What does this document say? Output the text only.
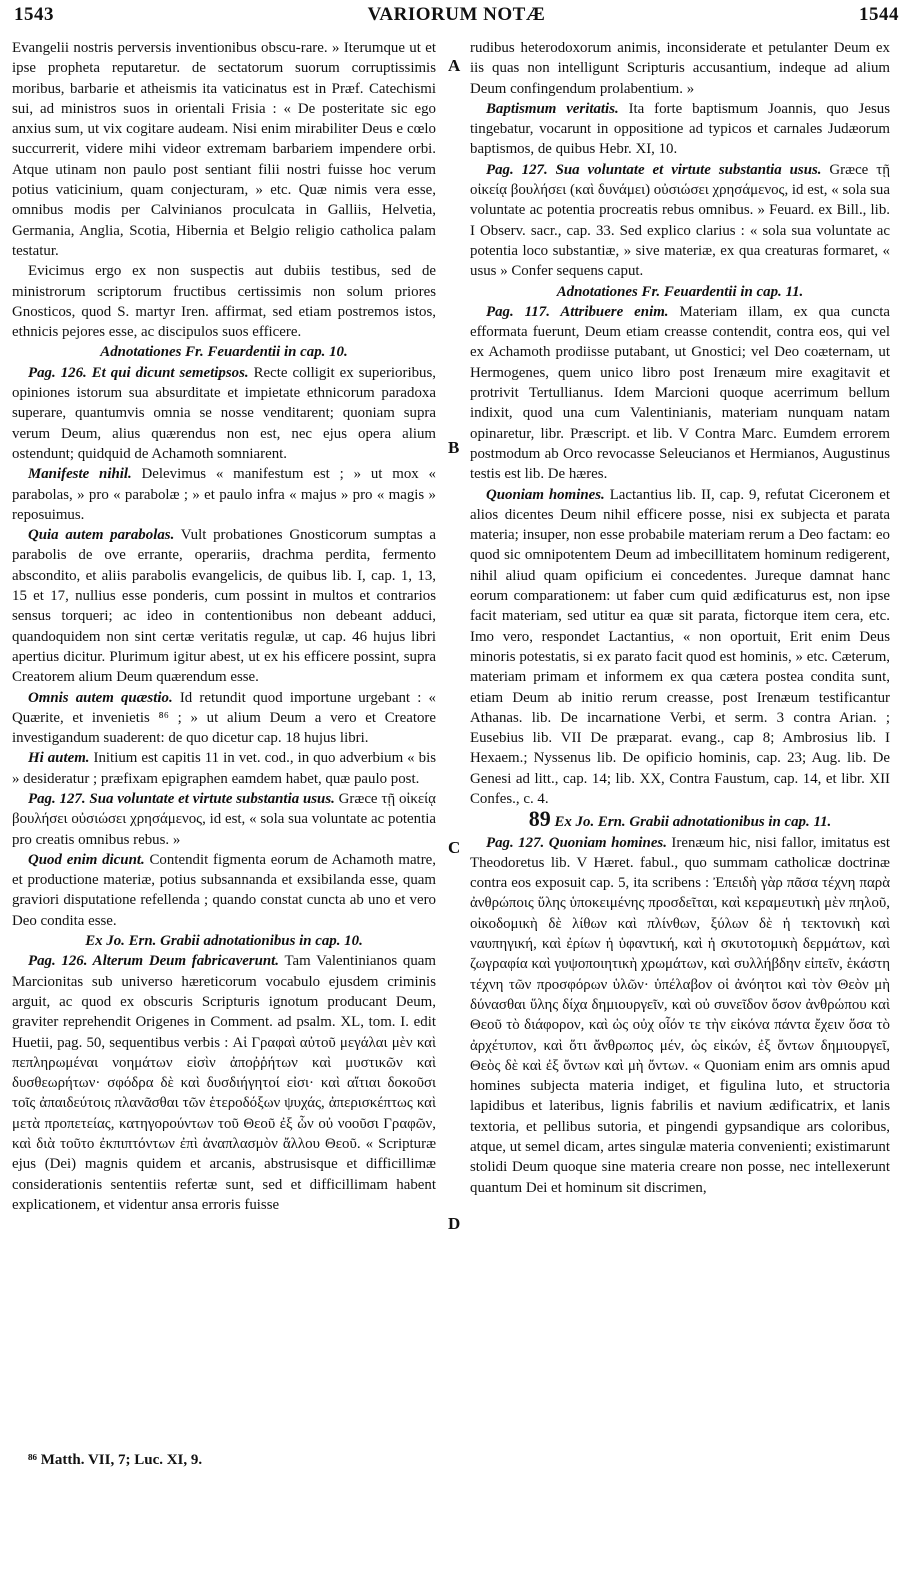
1543	VARIORUM NOTÆ	1544

Evangelii nostris perversis inventionibus obscu-rare. » Iterumque ut et ipse propheta reputaretur. de sectatorum suorum corruptissimis moribus, barbarie et atheismis ita vaticinatus est in Præf. Catechismi sui, ad ministros suos in orientali Frisia : « De posteritate sic ego anxius sum, ut vix cogitare audeam. Nisi enim mirabiliter Deus e cœlo succurrerit, videre mihi videor extremam barbariem impendere orbi. Atque utinam non paulo post sentiant filii nostri fuisse hoc verum potius vaticinium, quam conjecturam, » etc. Quæ nimis vera esse, omnibus modis per Calvinianos proculcata in Galliis, Helvetia, Germania, Anglia, Scotia, Hibernia et Belgio religio catholica palam testatur.

Evicimus ergo ex non suspectis aut dubiis testibus, sed de ministrorum scriptorum fructibus certissimis non solum priores Gnosticos, quod S. martyr Iren. affirmat, sed etiam postremos istos, ethnicis pejores esse, ac discipulos suos efficere.

Adnotationes Fr. Feuardentii in cap. 10.

Pag. 126. Et qui dicunt semetipsos. Recte colligit ex superioribus, opiniones istorum sua absurditate et impietate ethnicorum paradoxa superare, quantumvis omnia se nosse venditarent; quoniam supra verum Deum, alius quærendus non est, nec ejus opera alium ostendunt; quidquid de Achamoth somniarent.

Manifeste nihil. Delevimus « manifestum est ; » ut mox « parabolas, » pro « parabolæ ; » et paulo infra « majus » pro « magis » reposuimus.

Quia autem parabolas. Vult probationes Gnosticorum sumptas a parabolis de ove errante, operariis, drachma perdita, fermento abscondito, et aliis parabolis evangelicis, de quibus lib. I, cap. 1, 13, 15 et 17, nullius esse ponderis, cum possint in multos et contrarios sensus torqueri; ac ideo in contentionibus non debeant adduci, quandoquidem non sint certæ veritatis regulæ, ut cap. 46 hujus libri apertius dicitur. Plurimum igitur abest, ut ex his efficere possint, supra Creatorem alium Deum quærendum esse.

Omnis autem quæstio. Id retundit quod importune urgebant : « Quærite, et invenietis ⁸⁶ ; » ut alium Deum a vero et Creatore investigandum suaderent: de quo dicetur cap. 18 hujus libri.

Hi autem. Initium est capitis 11 in vet. cod., in quo adverbium « bis » desideratur ; præfixam epigraphen eamdem habet, quæ paulo post.

Pag. 127. Sua voluntate et virtute substantia usus. Græce τῇ οἰκείᾳ βουλήσει οὐσιώσει χρησάμενος, id est, « sola sua voluntate ac potentia pro creatis omnibus rebus. »

Quod enim dicunt. Contendit figmenta eorum de Achamoth matre, et productione materiæ, potius subsannanda et exsibilanda esse, quam graviori disputatione refellenda ; quando constat cuncta ab uno et vero Deo condita esse.

Ex Jo. Ern. Grabii adnotationibus in cap. 10.

Pag. 126. Alterum Deum fabricaverunt. Tam Valentinianos quam Marcionitas sub universo hæreticorum vocabulo ejusdem criminis arguit, ac quod ex obscuris Scripturis ignotum producant Deum, graviter reprehendit Origenes in Comment. ad psalm. XL, tom. I. edit Huetii, pag. 50, sequentibus verbis : Αἱ Γραφαὶ αὐτοῦ μεγάλαι μὲν καὶ πεπληρωμέναι νοημάτων εἰσὶν ἀποῤῥήτων καὶ μυστικῶν καὶ δυσθεωρήτων· σφόδρα δὲ καὶ δυσδιήγητοί εἰσι· καὶ αἴτιαι δοκοῦσι τοῖς ἀπαιδεύτοις πλανᾶσθαι τῶν ἑτεροδόξων ψυχάς, ἀπερισκέπτως καὶ μετὰ προπετείας, κατηγορούντων τοῦ Θεοῦ ἐξ ὧν οὐ νοοῦσι Γραφῶν, καὶ διὰ τοῦτο ἐκπιπτόντων ἐπὶ ἀναπλασμὸν ἄλλου Θεοῦ. « Scripturæ ejus (Dei) magnis quidem et arcanis, abstrusisque et difficillimæ considerationis sententiis refertæ sunt, sed et difficillimam habent explicationem, et videntur ansa erroris fuisse

rudibus heterodoxorum animis, inconsiderate et petulanter Deum ex iis quas non intelligunt Scripturis accusantium, indeque ad alium Deum confingendum prolabentium. »

Baptismum veritatis. Ita forte baptismum Joannis, quo Jesus tingebatur, vocarunt in oppositione ad typicos et carnales Judæorum baptismos, de quibus Hebr. XI, 10.

Pag. 127. Sua voluntate et virtute substantia usus. Græce τῇ οἰκείᾳ βουλήσει (καὶ δυνάμει) οὐσιώσει χρησάμενος, id est, « sola sua voluntate ac potentia procreatis rebus omnibus. » Feuard. ex Bill., lib. I Observ. sacr., cap. 33. Sed explico clarius : « sola sua voluntate ac potentia loco substantiæ, » sive materiæ, ex qua creaturas formaret, « usus » Confer sequens caput.

Adnotationes Fr. Feuardentii in cap. 11.

Pag. 117. Attribuere enim. Materiam illam, ex qua cuncta efformata fuerunt, Deum etiam creasse contendit, contra eos, qui vel ex Achamoth prodiisse putabant, ut Gnostici; vel Deo coæternam, ut Hermogenes, quem unico libro post Irenæum mire exagitavit et protrivit Tertullianus. Idem Marcioni quoque acerrimum bellum indixit, quod una cum Valentinianis, materiam nunquam natam opinaretur, libr. Præscript. et lib. V Contra Marc. Eumdem errorem postmodum ab Orco revocasse Seleucianos et Hermianos, Augustinus testis est lib. De hæres.

Quoniam homines. Lactantius lib. II, cap. 9, refutat Ciceronem et alios dicentes Deum nihil efficere posse, nisi ex subjecta et parata materia; insuper, non esse probabile materiam rerum a Deo factam: eo quod sic omnipotentem Deum ad imbecillitatem hominum redigerent, nihil aliud quam opificium ei concedentes. Jureque damnat hanc eorum comparationem: ut faber cum quid ædificaturus est, non ipse facit materiam, sed utitur ea quæ sit parata, fictorque item cera, etc. Imo vero, respondet Lactantius, « non oportuit, Erit enim Deus minoris potestatis, si ex parato facit quod est hominis, » etc. Cæterum, materiam primam et informem ex qua cætera postea condita sunt, etiam Deum ab initio rerum creasse, post Irenæum testificantur Athanas. lib. De incarnatione Verbi, et serm. 3 contra Arian. ; Eusebius lib. VII De præparat. evang., cap 8; Ambrosius lib. I Hexaem.; Nyssenus lib. De opificio hominis, cap. 23; Aug. lib. De Genesi ad litt., cap. 14; lib. XX, Contra Faustum, cap. 14, et libr. XII Confes., c. 4.

89 Ex Jo. Ern. Grabii adnotationibus in cap. 11.

Pag. 127. Quoniam homines. Irenæum hic, nisi fallor, imitatus est Theodoretus lib. V Hæret. fabul., quo summam catholicæ doctrinæ contra eos exposuit cap. 5, ita scribens : Ἐπειδὴ γὰρ πᾶσα τέχνη παρὰ ἀνθρώποις ὕλης ὑποκειμένης προσδεῖται, καὶ κεραμευτικὴ μὲν πηλοῦ, οἰκοδομικὴ δὲ λίθων καὶ πλίνθων, ξύλων δὲ ἡ τεκτονικὴ καὶ ναυπηγική, καὶ ἐρίων ἡ ὑφαντική, καὶ ἡ σκυτοτομικὴ δερμάτων, καὶ ζωγραφία καὶ γυψοποιητικὴ χρωμάτων, καὶ συλλήβδην εἰπεῖν, ἑκάστη τέχνη τῶν προσφόρων ὑλῶν· ὑπέλαβον οἱ ἀνόητοι καὶ τὸν Θεὸν μὴ δύνασθαι ὕλης δίχα δημιουργεῖν, καὶ οὐ συνεῖδον ὅσον ἀνθρώπου καὶ Θεοῦ τὸ διάφορον, καὶ ὡς οὐχ οἷόν τε τὴν εἰκόνα πάντα ἔχειν ὅσα τὸ ἀρχέτυπον, καὶ ὅτι ἄνθρωπος μέν, ὡς εἰκών, ἐξ ὄντων δημιουργεῖ, Θεὸς δὲ καὶ ἐξ ὄντων καὶ μὴ ὄντων. « Quoniam enim ars omnis apud homines subjecta materia indiget, et figulina luto, et structoria lapidibus et lateribus, lignis fabrilis et navium ædificatrix, et lanis textoria, et pellibus sutoria, et pingendi gypsandique ars coloribus, atque, ut semel dicam, artes singulæ materia convenienti; existimarunt stolidi Deum quoque sine materia creare non posse, nec intellexerunt quantum Dei et hominum sit discrimen,

A
B
C
D
⁸⁶ Matth. VII, 7; Luc. XI, 9.
